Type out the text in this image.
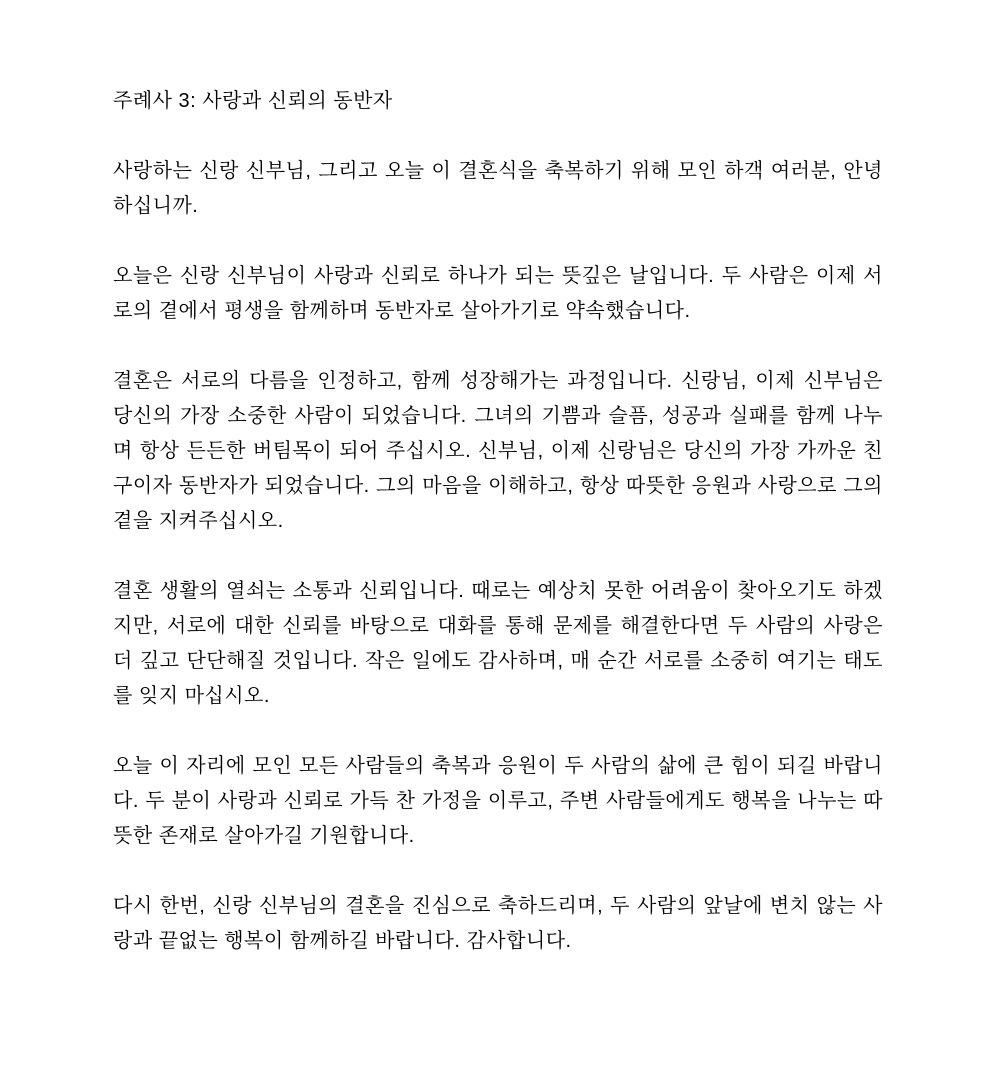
주례사 3: 사랑과 신뢰의 동반자

사랑하는 신랑 신부님, 그리고 오늘 이 결혼식을 축복하기 위해 모인 하객 여러분, 안녕하십니까.

오늘은 신랑 신부님이 사랑과 신뢰로 하나가 되는 뜻깊은 날입니다. 두 사람은 이제 서로의 곁에서 평생을 함께하며 동반자로 살아가기로 약속했습니다.

결혼은 서로의 다름을 인정하고, 함께 성장해가는 과정입니다. 신랑님, 이제 신부님은 당신의 가장 소중한 사람이 되었습니다. 그녀의 기쁨과 슬픔, 성공과 실패를 함께 나누며 항상 든든한 버팀목이 되어 주십시오. 신부님, 이제 신랑님은 당신의 가장 가까운 친구이자 동반자가 되었습니다. 그의 마음을 이해하고, 항상 따뜻한 응원과 사랑으로 그의 곁을 지켜주십시오.

결혼 생활의 열쇠는 소통과 신뢰입니다. 때로는 예상치 못한 어려움이 찾아오기도 하겠지만, 서로에 대한 신뢰를 바탕으로 대화를 통해 문제를 해결한다면 두 사람의 사랑은 더 깊고 단단해질 것입니다. 작은 일에도 감사하며, 매 순간 서로를 소중히 여기는 태도를 잊지 마십시오.

오늘 이 자리에 모인 모든 사람들의 축복과 응원이 두 사람의 삶에 큰 힘이 되길 바랍니다. 두 분이 사랑과 신뢰로 가득 찬 가정을 이루고, 주변 사람들에게도 행복을 나누는 따뜻한 존재로 살아가길 기원합니다.

다시 한번, 신랑 신부님의 결혼을 진심으로 축하드리며, 두 사람의 앞날에 변치 않는 사랑과 끝없는 행복이 함께하길 바랍니다. 감사합니다.
